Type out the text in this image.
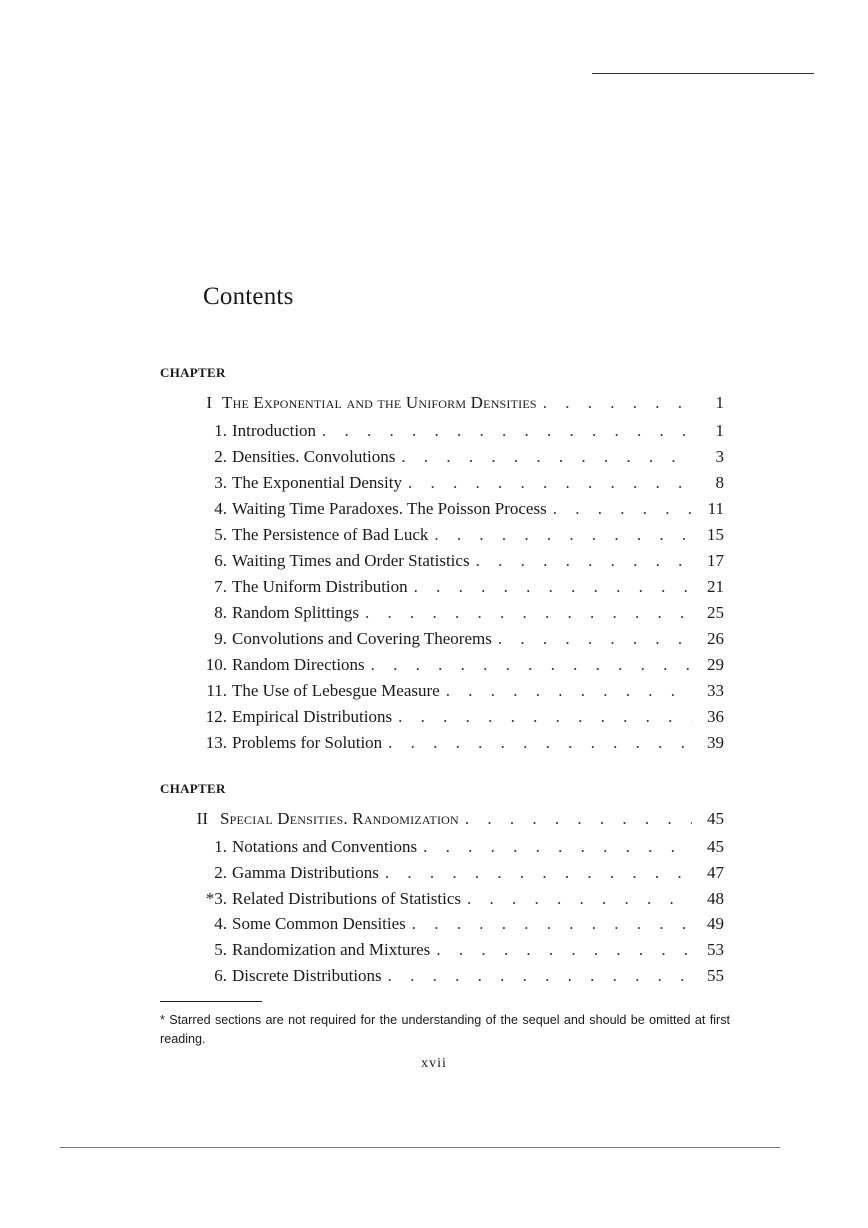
Contents
CHAPTER
I The Exponential and the Uniform Densities . . .	1
1. Introduction . . .	1
2. Densities. Convolutions . . .	3
3. The Exponential Density . . .	8
4. Waiting Time Paradoxes. The Poisson Process . . .	11
5. The Persistence of Bad Luck . . .	15
6. Waiting Times and Order Statistics . . .	17
7. The Uniform Distribution . . .	21
8. Random Splittings . . .	25
9. Convolutions and Covering Theorems . . .	26
10. Random Directions . . .	29
11. The Use of Lebesgue Measure . . .	33
12. Empirical Distributions . . .	36
13. Problems for Solution . . .	39
CHAPTER
II Special Densities. Randomization . . .	45
1. Notations and Conventions . . .	45
2. Gamma Distributions . . .	47
*3. Related Distributions of Statistics . . .	48
4. Some Common Densities . . .	49
5. Randomization and Mixtures . . .	53
6. Discrete Distributions . . .	55
* Starred sections are not required for the understanding of the sequel and should be omitted at first reading.
xvii
